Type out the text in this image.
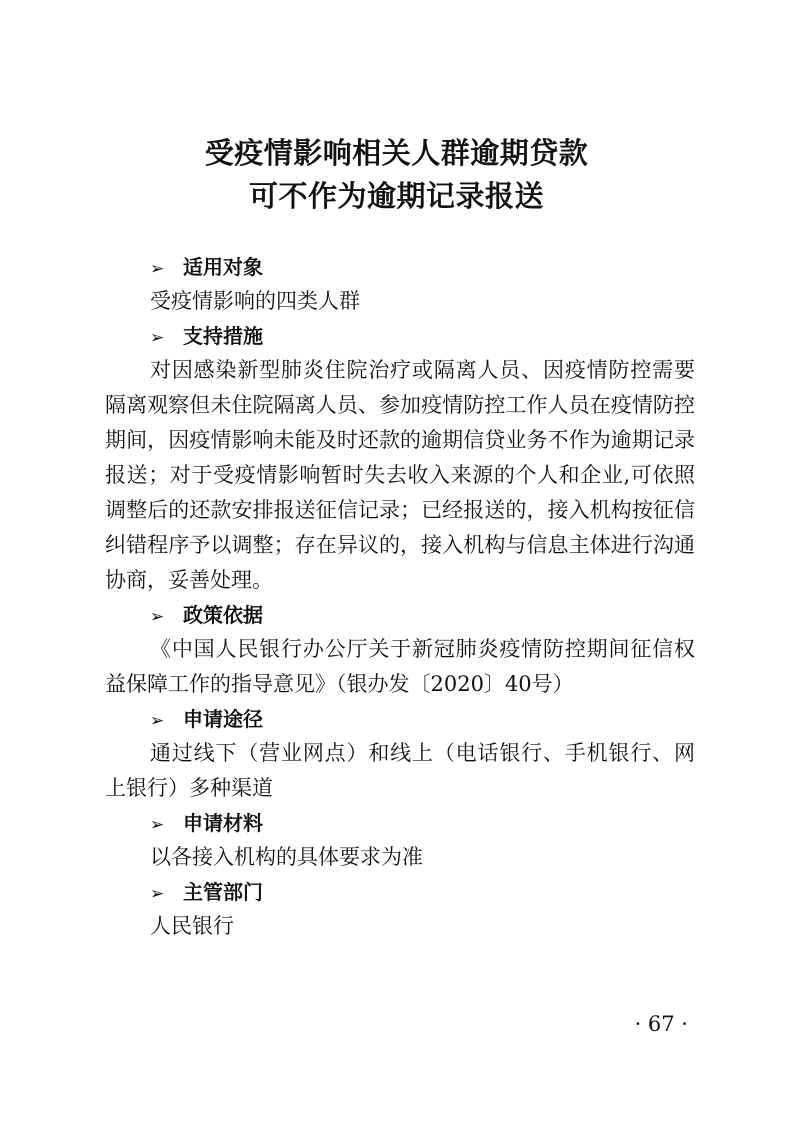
受疫情影响相关人群逾期贷款
可不作为逾期记录报送
➢ 适用对象

受疫情影响的四类人群

➢ 支持措施

对因感染新型肺炎住院治疗或隔离人员、因疫情防控需要隔离观察但未住院隔离人员、参加疫情防控工作人员在疫情防控期间，因疫情影响未能及时还款的逾期信贷业务不作为逾期记录报送；对于受疫情影响暂时失去收入来源的个人和企业,可依照调整后的还款安排报送征信记录；已经报送的，接入机构按征信纠错程序予以调整；存在异议的，接入机构与信息主体进行沟通协商，妥善处理。

➢ 政策依据

《中国人民银行办公厅关于新冠肺炎疫情防控期间征信权益保障工作的指导意见》（银办发〔2020〕40号）

➢ 申请途径

通过线下（营业网点）和线上（电话银行、手机银行、网上银行）多种渠道

➢ 申请材料

以各接入机构的具体要求为准

➢ 主管部门

人民银行

· 67 ·
